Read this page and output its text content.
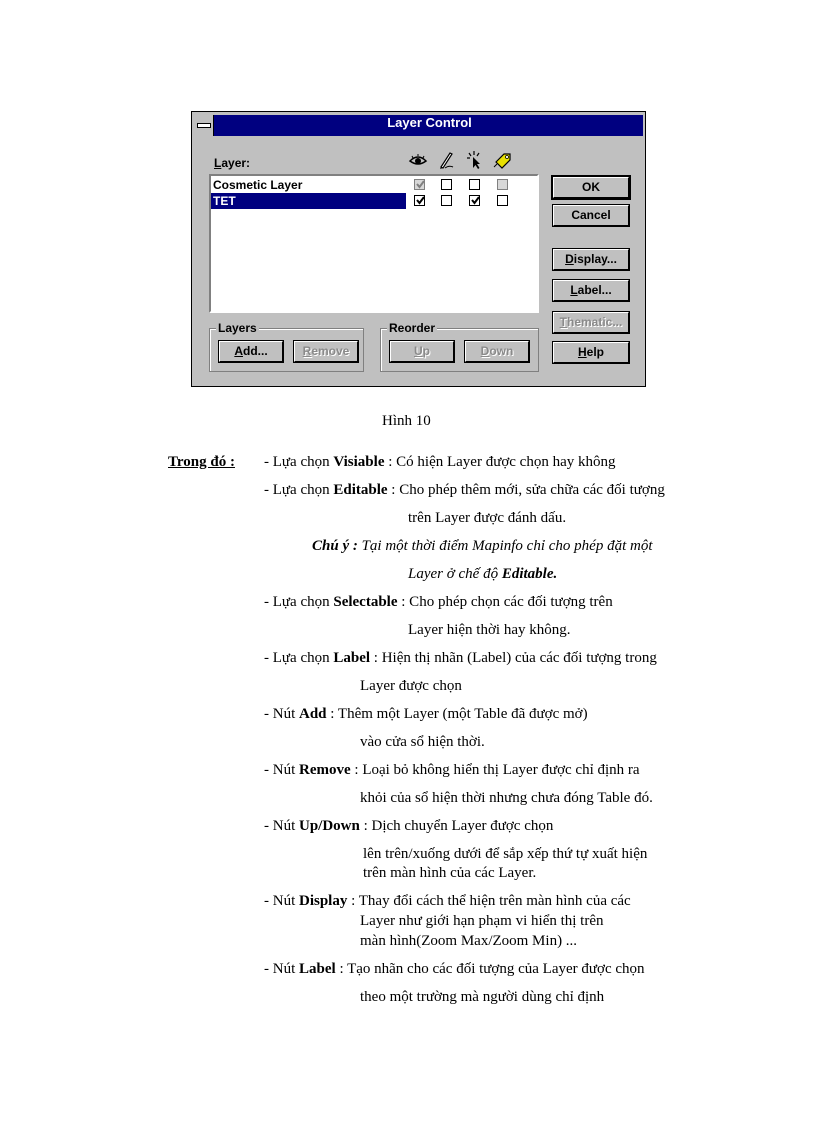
Layer Control
Layer:
Cosmetic Layer
TET
OK
Cancel
Display...
Label...
Thematic...
Help
Layers
Add...	Remove
Reorder
Up	Down
Hình 10
Trong đó : - Lựa chọn Visiable : Có hiện Layer được chọn hay không
- Lựa chọn Editable : Cho phép thêm mới, sửa chữa các đối tượng
trên Layer được đánh dấu.
Chú ý : Tại một thời điểm Mapinfo chỉ cho phép đặt một
Layer ở chế độ Editable.
- Lựa chọn Selectable : Cho phép chọn các đối tượng trên
Layer hiện thời hay không.
- Lựa chọn Label : Hiện thị nhãn (Label) của các đối tượng trong
Layer được chọn
- Nút Add : Thêm một Layer (một Table đã được mở)
vào cửa sổ hiện thời.
- Nút Remove : Loại bỏ không hiển thị Layer được chỉ định ra
khỏi của sổ hiện thời nhưng chưa đóng Table đó.
- Nút Up/Down : Dịch chuyển Layer được chọn
lên trên/xuống dưới để sắp xếp thứ tự xuất hiện
trên màn hình của các Layer.
- Nút Display : Thay đổi cách thể hiện trên màn hình của các
Layer như giới hạn phạm vi hiển thị trên
màn hình(Zoom Max/Zoom Min) ...
- Nút Label : Tạo nhãn cho các đối tượng của Layer được chọn
theo một trường mà người dùng chỉ định
